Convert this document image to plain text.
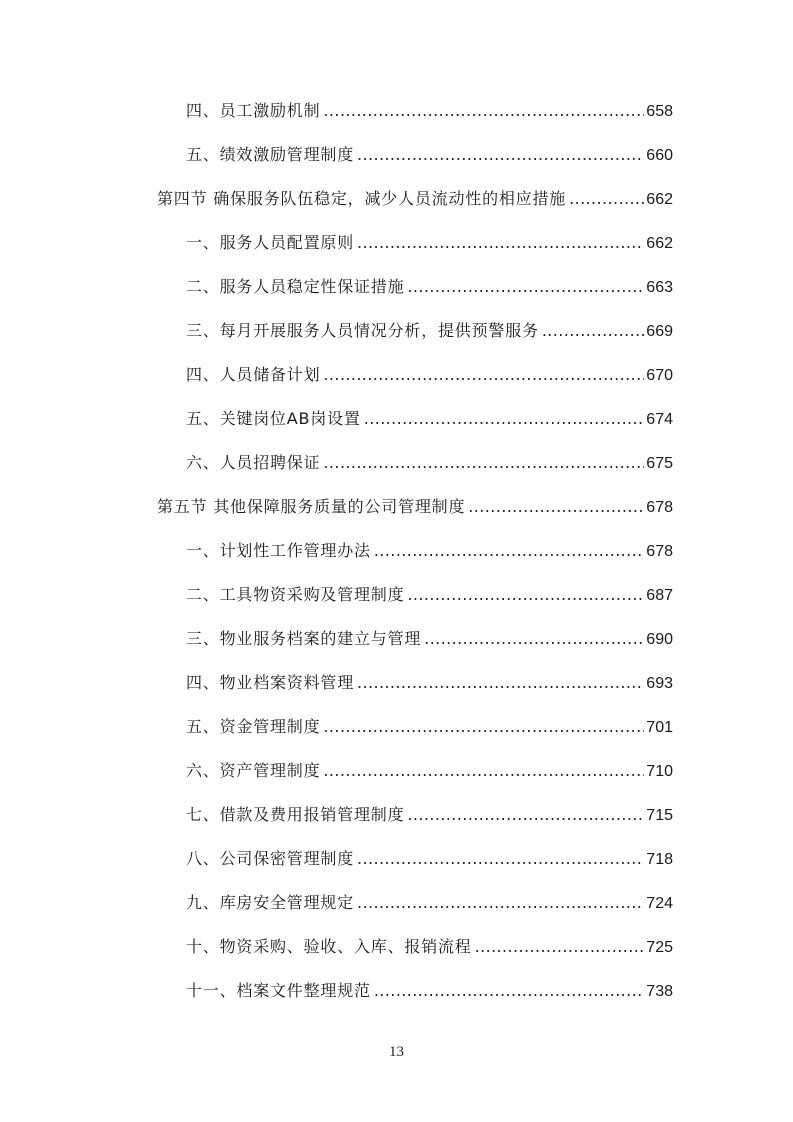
四、员工激励机制 .....	658
五、绩效激励管理制度 .....	660
第四节 确保服务队伍稳定，减少人员流动性的相应措施 .....	662
一、服务人员配置原则 .....	662
二、服务人员稳定性保证措施 .....	663
三、每月开展服务人员情况分析，提供预警服务 .....	669
四、人员储备计划 .....	670
五、关键岗位AB岗设置 .....	674
六、人员招聘保证 .....	675
第五节 其他保障服务质量的公司管理制度 .....	678
一、计划性工作管理办法 .....	678
二、工具物资采购及管理制度 .....	687
三、物业服务档案的建立与管理 .....	690
四、物业档案资料管理 .....	693
五、资金管理制度 .....	701
六、资产管理制度 .....	710
七、借款及费用报销管理制度 .....	715
八、公司保密管理制度 .....	718
九、库房安全管理规定 .....	724
十、物资采购、验收、入库、报销流程 .....	725
十一、档案文件整理规范 .....	738
13
